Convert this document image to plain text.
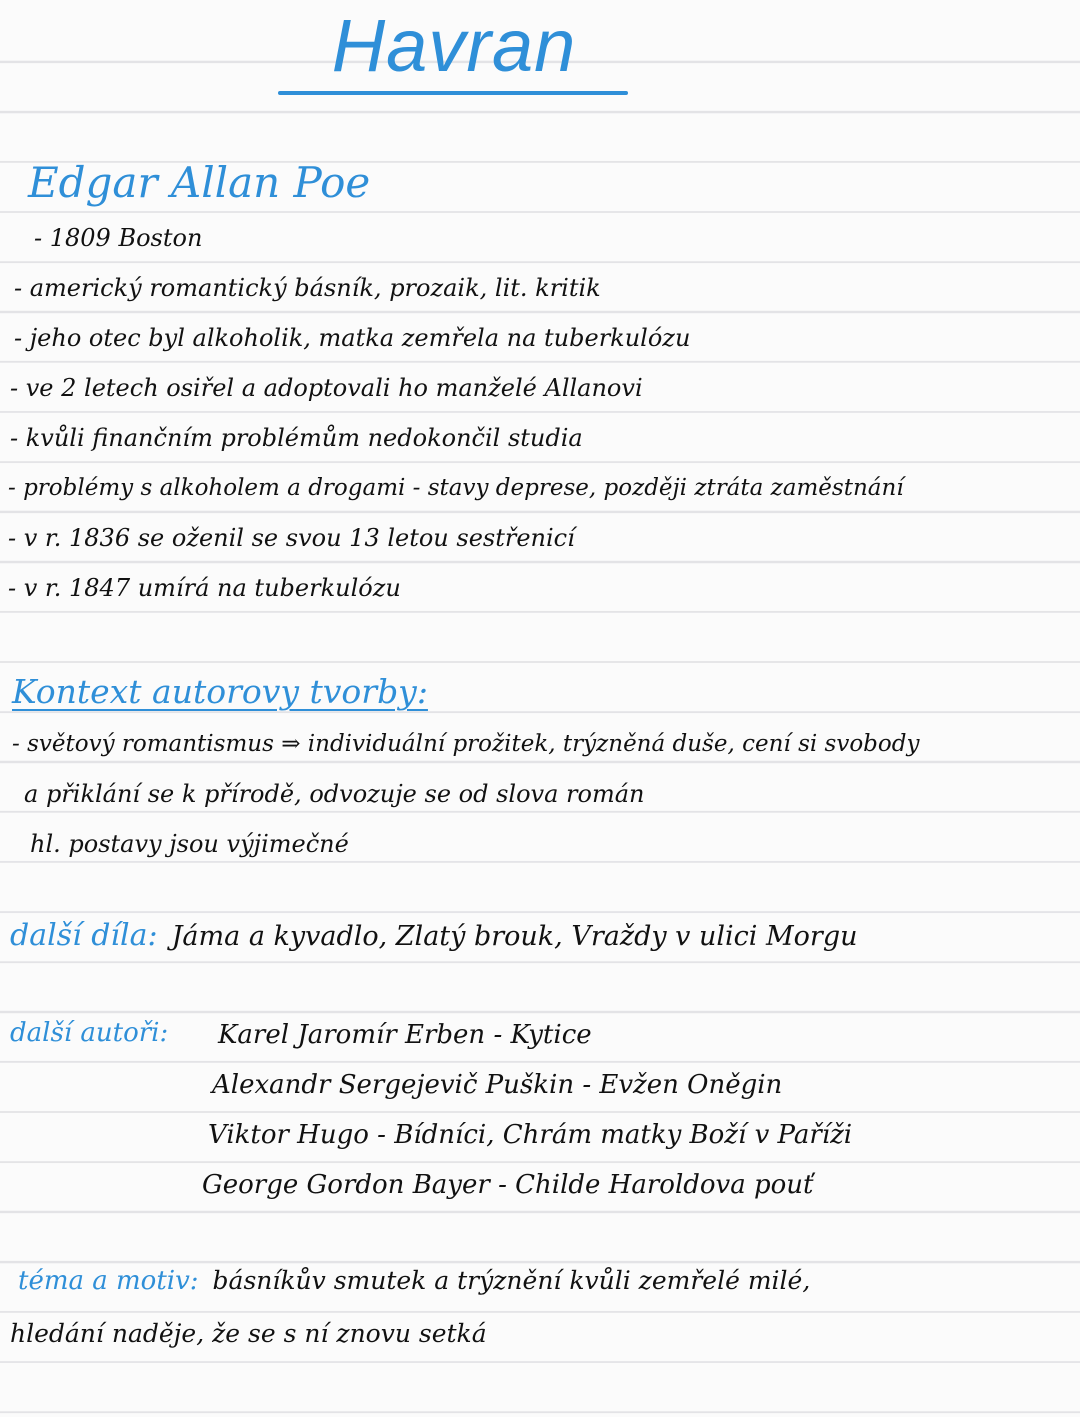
Havran
Edgar Allan Poe
- 1809 Boston
- americký romantický básník, prozaik, lit. kritik
- jeho otec byl alkoholik, matka zemřela na tuberkulózu
- ve 2 letech osiřel a adoptovali ho manželé Allanovi
- kvůli finančním problémům nedokončil studia
- problémy s alkoholem a drogami - stavy deprese, později ztráta zaměstnání
- v r. 1836 se oženil se svou 13 letou sestřenicí
- v r. 1847 umírá na tuberkulózu
Kontext autorovy tvorby:
- světový romantismus ⇒ individuální prožitek, trýzněná duše, cení si svobody
a přiklání se k přírodě, odvozuje se od slova román
hl. postavy jsou výjimečné
další díla: Jáma a kyvadlo, Zlatý brouk, Vraždy v ulici Morgu
další autoři: Karel Jaromír Erben - Kytice
Alexandr Sergejevič Puškin - Evžen Oněgin
Viktor Hugo - Bídníci, Chrám matky Boží v Paříži
George Gordon Bayer - Childe Haroldova pouť
téma a motiv: básníkův smutek a trýznění kvůli zemřelé milé,
hledání naděje, že se s ní znovu setká
